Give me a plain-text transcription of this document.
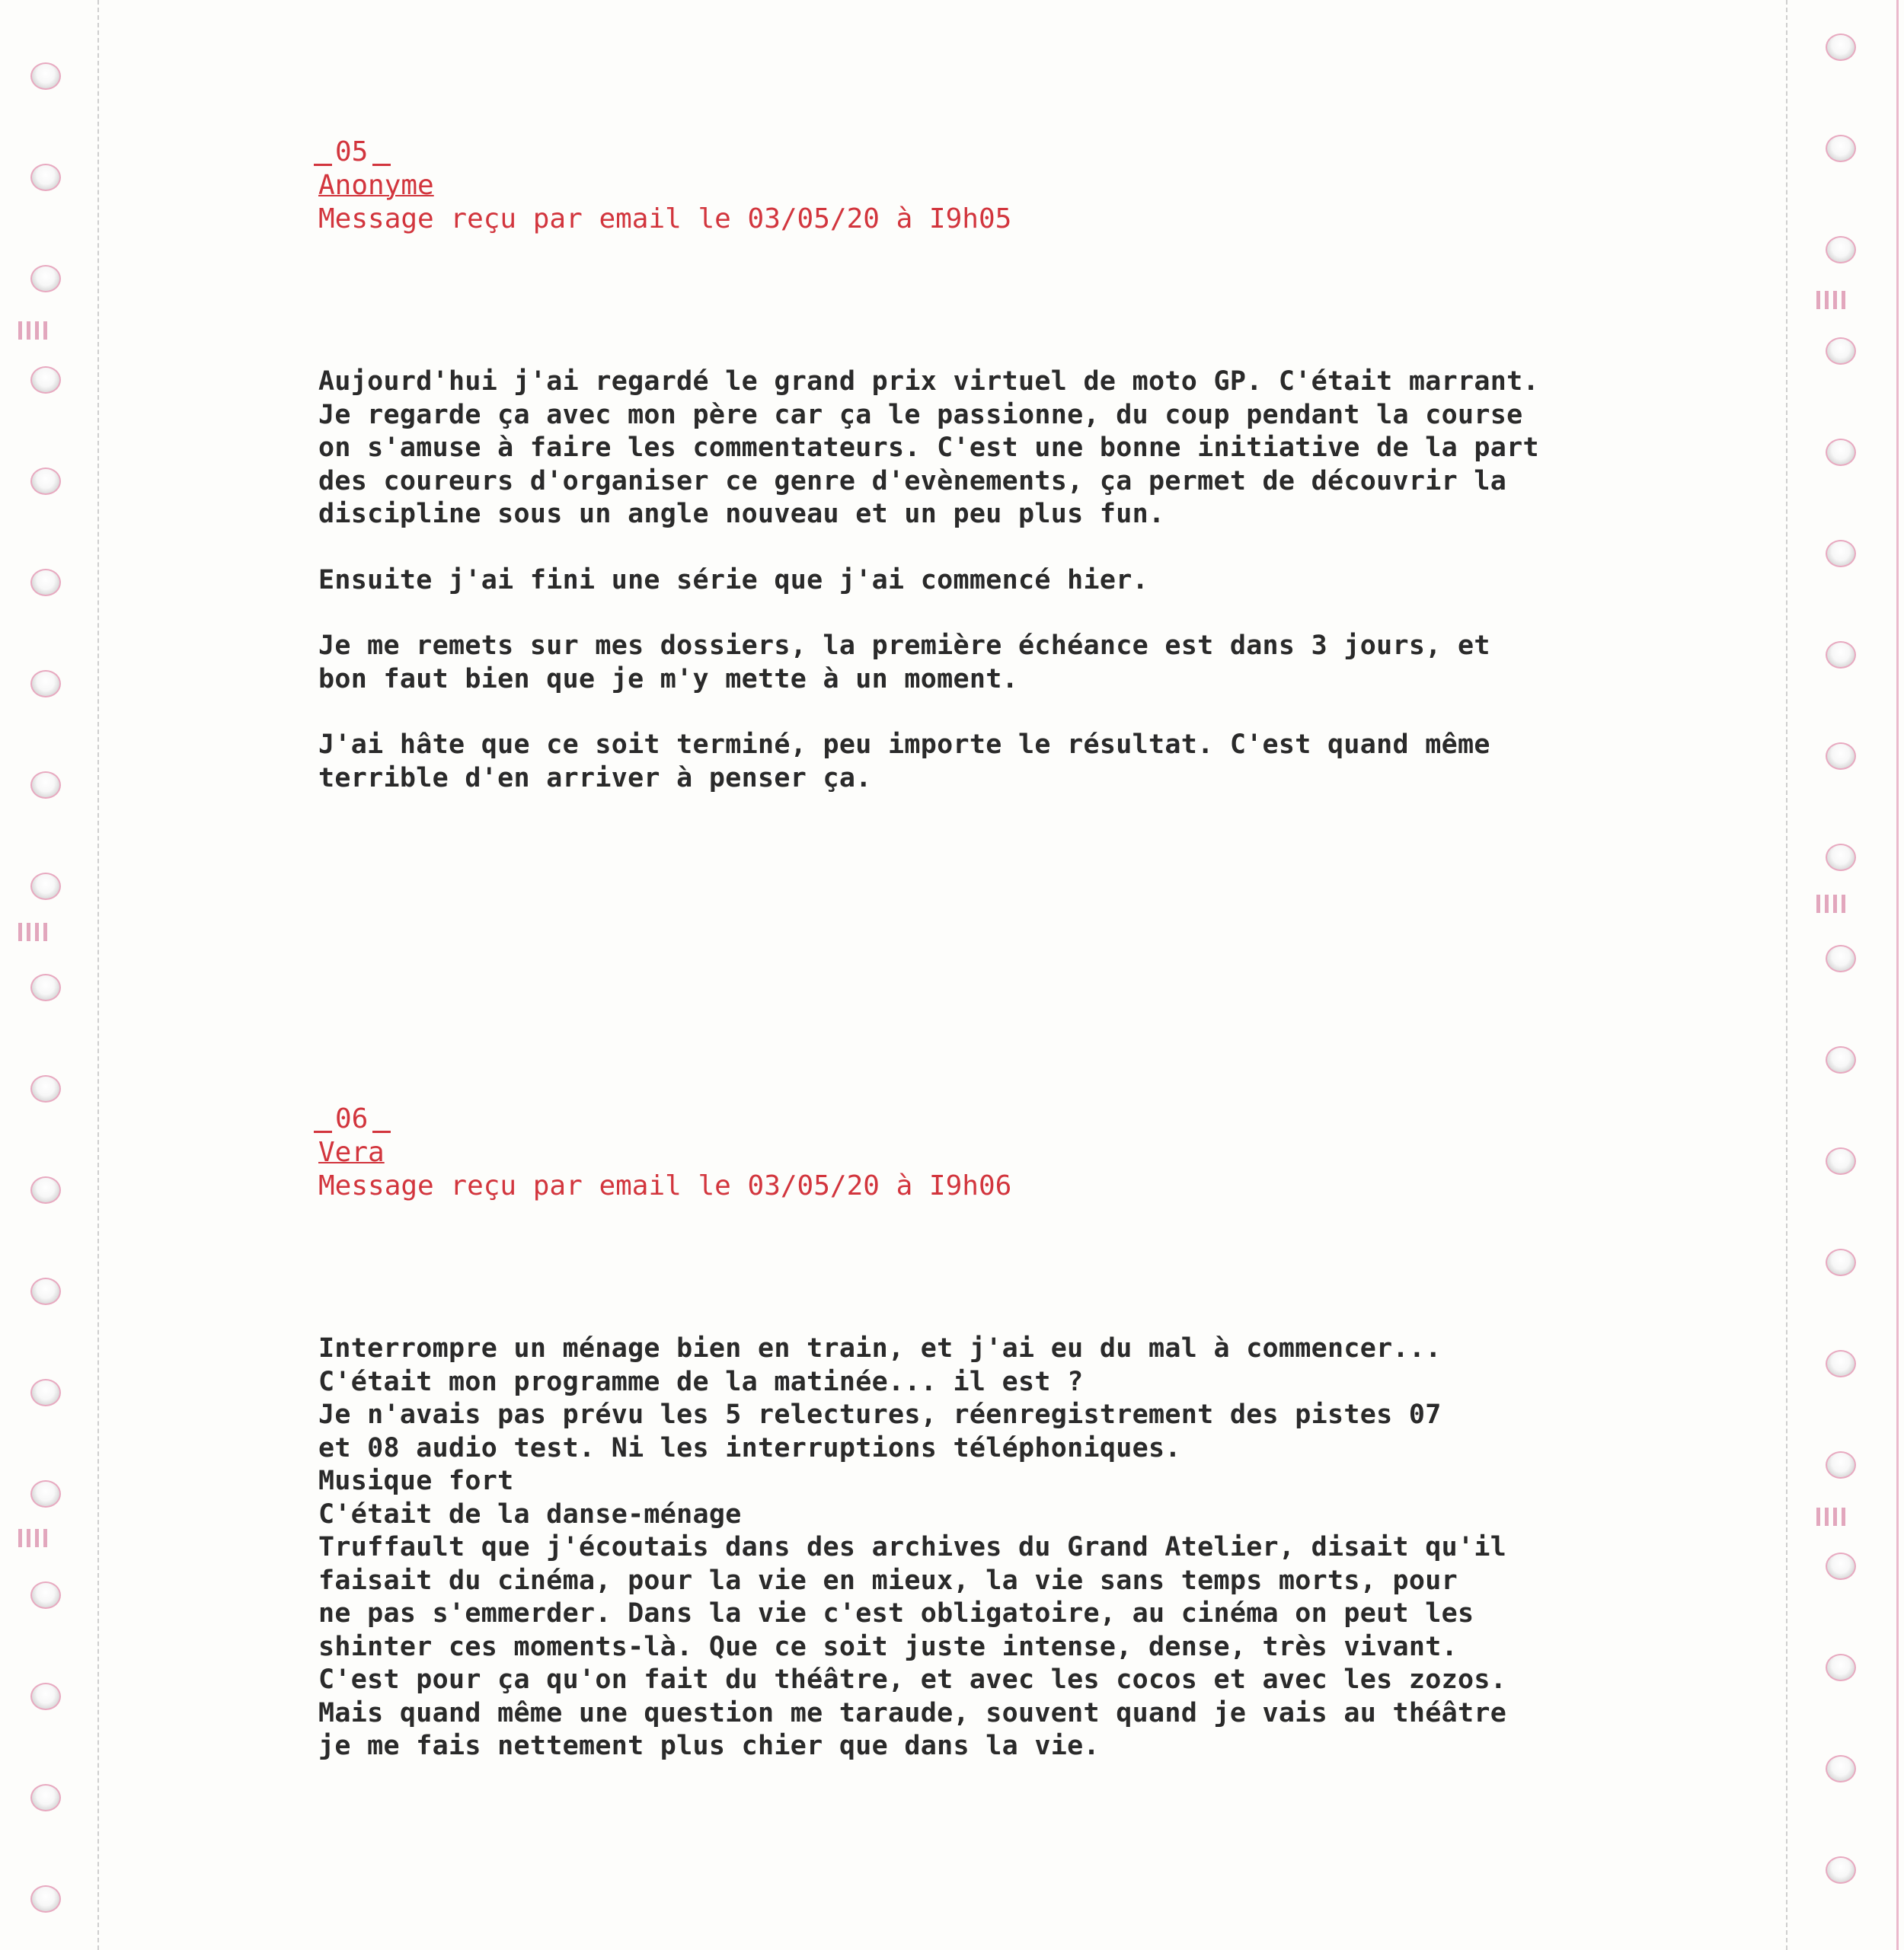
05

Anonyme

Message reçu par email le 03/05/20 à I9h05

Aujourd'hui j'ai regardé le grand prix virtuel de moto GP. C'était marrant.
Je regarde ça avec mon père car ça le passionne, du coup pendant la course
on s'amuse à faire les commentateurs. C'est une bonne initiative de la part
des coureurs d'organiser ce genre d'evènements, ça permet de découvrir la
discipline sous un angle nouveau et un peu plus fun.

Ensuite j'ai fini une série que j'ai commencé hier.

Je me remets sur mes dossiers, la première échéance est dans 3 jours, et
bon faut bien que je m'y mette à un moment.

J'ai hâte que ce soit terminé, peu importe le résultat. C'est quand même
terrible d'en arriver à penser ça.

06

Vera

Message reçu par email le 03/05/20 à I9h06

Interrompre un ménage bien en train, et j'ai eu du mal à commencer...
C'était mon programme de la matinée... il est ?
Je n'avais pas prévu les 5 relectures, réenregistrement des pistes 07
et 08 audio test. Ni les interruptions téléphoniques.
Musique fort
C'était de la danse-ménage
Truffault que j'écoutais dans des archives du Grand Atelier, disait qu'il
faisait du cinéma, pour la vie en mieux, la vie sans temps morts, pour
ne pas s'emmerder. Dans la vie c'est obligatoire, au cinéma on peut les
shinter ces moments-là. Que ce soit juste intense, dense, très vivant.
C'est pour ça qu'on fait du théâtre, et avec les cocos et avec les zozos.
Mais quand même une question me taraude, souvent quand je vais au théâtre
je me fais nettement plus chier que dans la vie.
